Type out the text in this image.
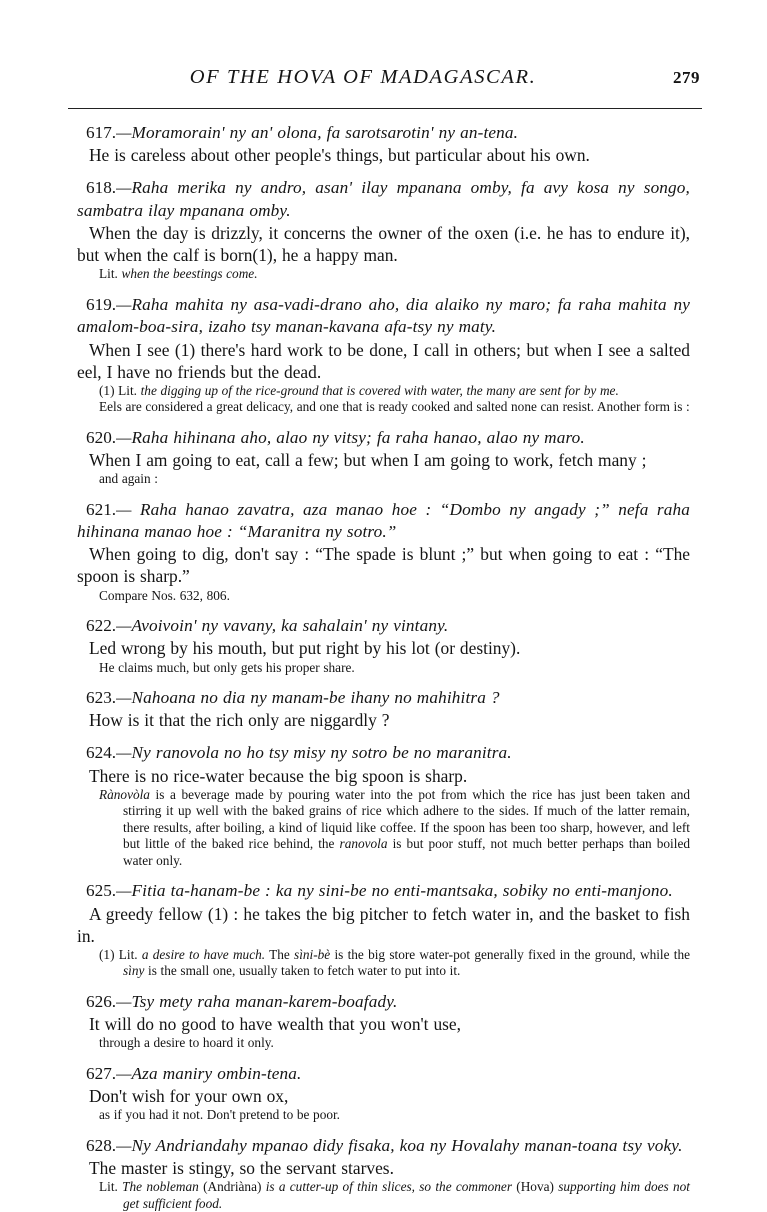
OF THE HOVA OF MADAGASCAR.	279

617.—Moramorain' ny an' olona, fa sarotsarotin' ny an-tena.

He is careless about other people's things, but particular about his own.

618.—Raha merika ny andro, asan' ilay mpanana omby, fa avy kosa ny songo, sambatra ilay mpanana omby.

When the day is drizzly, it concerns the owner of the oxen (i.e. he has to endure it), but when the calf is born(1), he a happy man.

Lit. when the beestings come.

619.—Raha mahita ny asa-vadi-drano aho, dia alaiko ny maro; fa raha mahita ny amalom-boa-sira, izaho tsy manan-kavana afa-tsy ny maty.

When I see (1) there's hard work to be done, I call in others; but when I see a salted eel, I have no friends but the dead.

(1) Lit. the digging up of the rice-ground that is covered with water, the many are sent for by me.

Eels are considered a great delicacy, and one that is ready cooked and salted none can resist. Another form is :

620.—Raha hihinana aho, alao ny vitsy; fa raha hanao, alao ny maro.

When I am going to eat, call a few; but when I am going to work, fetch many ;

and again :

621.— Raha hanao zavatra, aza manao hoe : “Dombo ny angady ;” nefa raha hihinana manao hoe : “Maranitra ny sotro.”

When going to dig, don't say : “The spade is blunt ;” but when going to eat : “The spoon is sharp.”

Compare Nos. 632, 806.

622.—Avoivoin' ny vavany, ka sahalain' ny vintany.

Led wrong by his mouth, but put right by his lot (or destiny).

He claims much, but only gets his proper share.

623.—Nahoana no dia ny manam-be ihany no mahihitra ?

How is it that the rich only are niggardly ?

624.—Ny ranovola no ho tsy misy ny sotro be no maranitra.

There is no rice-water because the big spoon is sharp.

Rànovòla is a beverage made by pouring water into the pot from which the rice has just been taken and stirring it up well with the baked grains of rice which adhere to the sides. If much of the latter remain, there results, after boiling, a kind of liquid like coffee. If the spoon has been too sharp, however, and left but little of the baked rice behind, the ranovola is but poor stuff, not much better perhaps than boiled water only.

625.—Fitia ta-hanam-be : ka ny sini-be no enti-mantsaka, sobiky no enti-manjono.

A greedy fellow (1) : he takes the big pitcher to fetch water in, and the basket to fish in.

(1) Lit. a desire to have much. The sìni-bè is the big store water-pot generally fixed in the ground, while the sìny is the small one, usually taken to fetch water to put into it.

626.—Tsy mety raha manan-karem-boafady.

It will do no good to have wealth that you won't use,

through a desire to hoard it only.

627.—Aza maniry ombin-tena.

Don't wish for your own ox,

as if you had it not. Don't pretend to be poor.

628.—Ny Andriandahy mpanao didy fisaka, koa ny Hovalahy manan-toana tsy voky.

The master is stingy, so the servant starves.

Lit. The nobleman (Andriàna) is a cutter-up of thin slices, so the commoner (Hova) supporting him does not get sufficient food.
